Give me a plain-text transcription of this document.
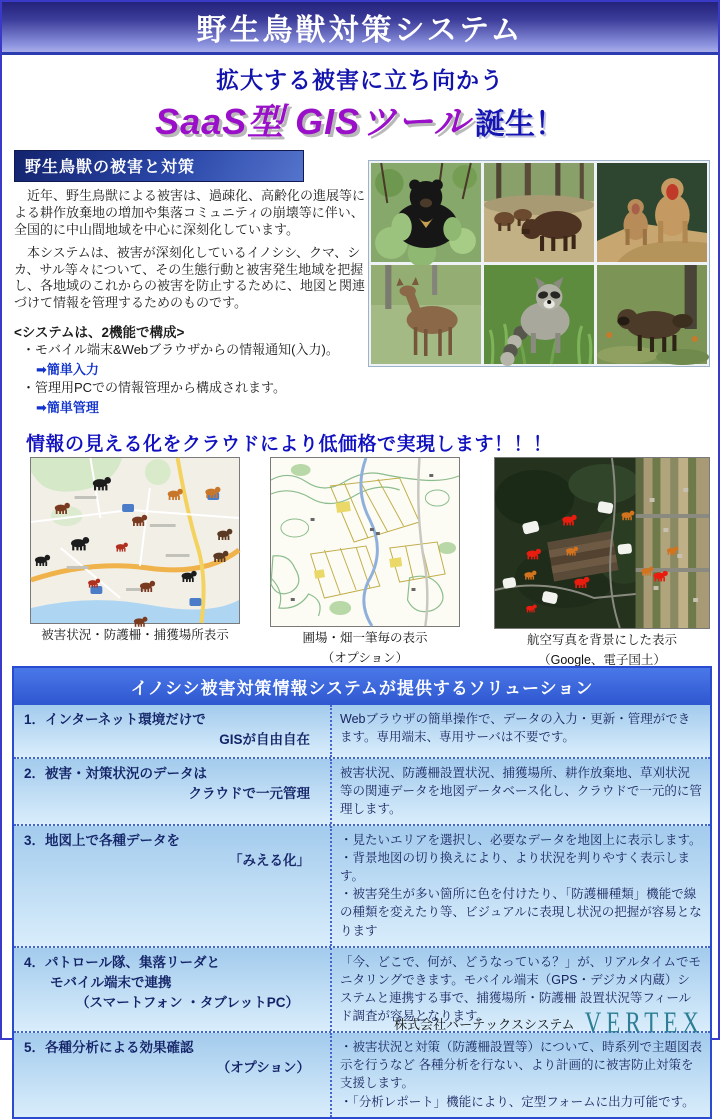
野生鳥獣対策システム
拡大する被害に立ち向かう
SaaS型 GISツール 誕生！
野生鳥獣の被害と対策

　近年、野生鳥獣による被害は、過疎化、高齢化の進展等による耕作放棄地の増加や集落コミュニティの崩壊等に伴い、全国的に中山間地域を中心に深刻化しています。

　本システムは、被害が深刻化しているイノシシ、クマ、シカ、サル等々について、その生態行動と被害発生地域を把握し、各地域のこれからの被害を防止するために、地図と関連づけて情報を管理するためのものです。

<システムは、2機能で構成>
・モバイル端末&Webブラウザからの情報通知(入力)。
➡簡単入力
・管理用PCでの情報管理から構成されます。
➡簡単管理
情報の見える化をクラウドにより低価格で実現します！！！
被害状況・防護柵・捕獲場所表示	圃場・畑一筆毎の表示
（オプション）
航空写真を背景にした表示
（Google、電子国土）
イノシシ被害対策情報システムが提供するソリューション
1．インターネット環境だけで
GISが自由自在
Webブラウザの簡単操作で、データの入力・更新・管理ができます。専用端末、専用サーバは不要です。
2．被害・対策状況のデータは
クラウドで一元管理
被害状況、防護柵設置状況、捕獲場所、耕作放棄地、草刈状況等の関連データを地図データベース化し、クラウドで一元的に管理します。
3．地図上で各種データを
「みえる化」
・見たいエリアを選択し、必要なデータを地図上に表示します。
・背景地図の切り換えにより、より状況を判りやすく表示します。
・被害発生が多い箇所に色を付けたり、「防護柵種類」機能で線の種類を変えたり等、ビジュアルに表現し状況の把握が容易となります
4．パトロール隊、集落リーダと
モバイル端末で連携
（スマートフォン ・タブレットPC）
「今、どこで、何が、どうなっている？」が、リアルタイムでモニタリングできます。モバイル端末（GPS・デジカメ内蔵）システムと連携する事で、捕獲場所・防護柵 設置状況等フィールド調査が容易となります。
5．各種分析による効果確認
（オプション）
・被害状況と対策（防護柵設置等）について、時系列で主題図表示を行うなど 各種分析を行ない、より計画的に被害防止対策を支援します。
・「分析レポート」機能により、定型フォームに出力可能です。
株式会社バーテックスシステム VERTEX
